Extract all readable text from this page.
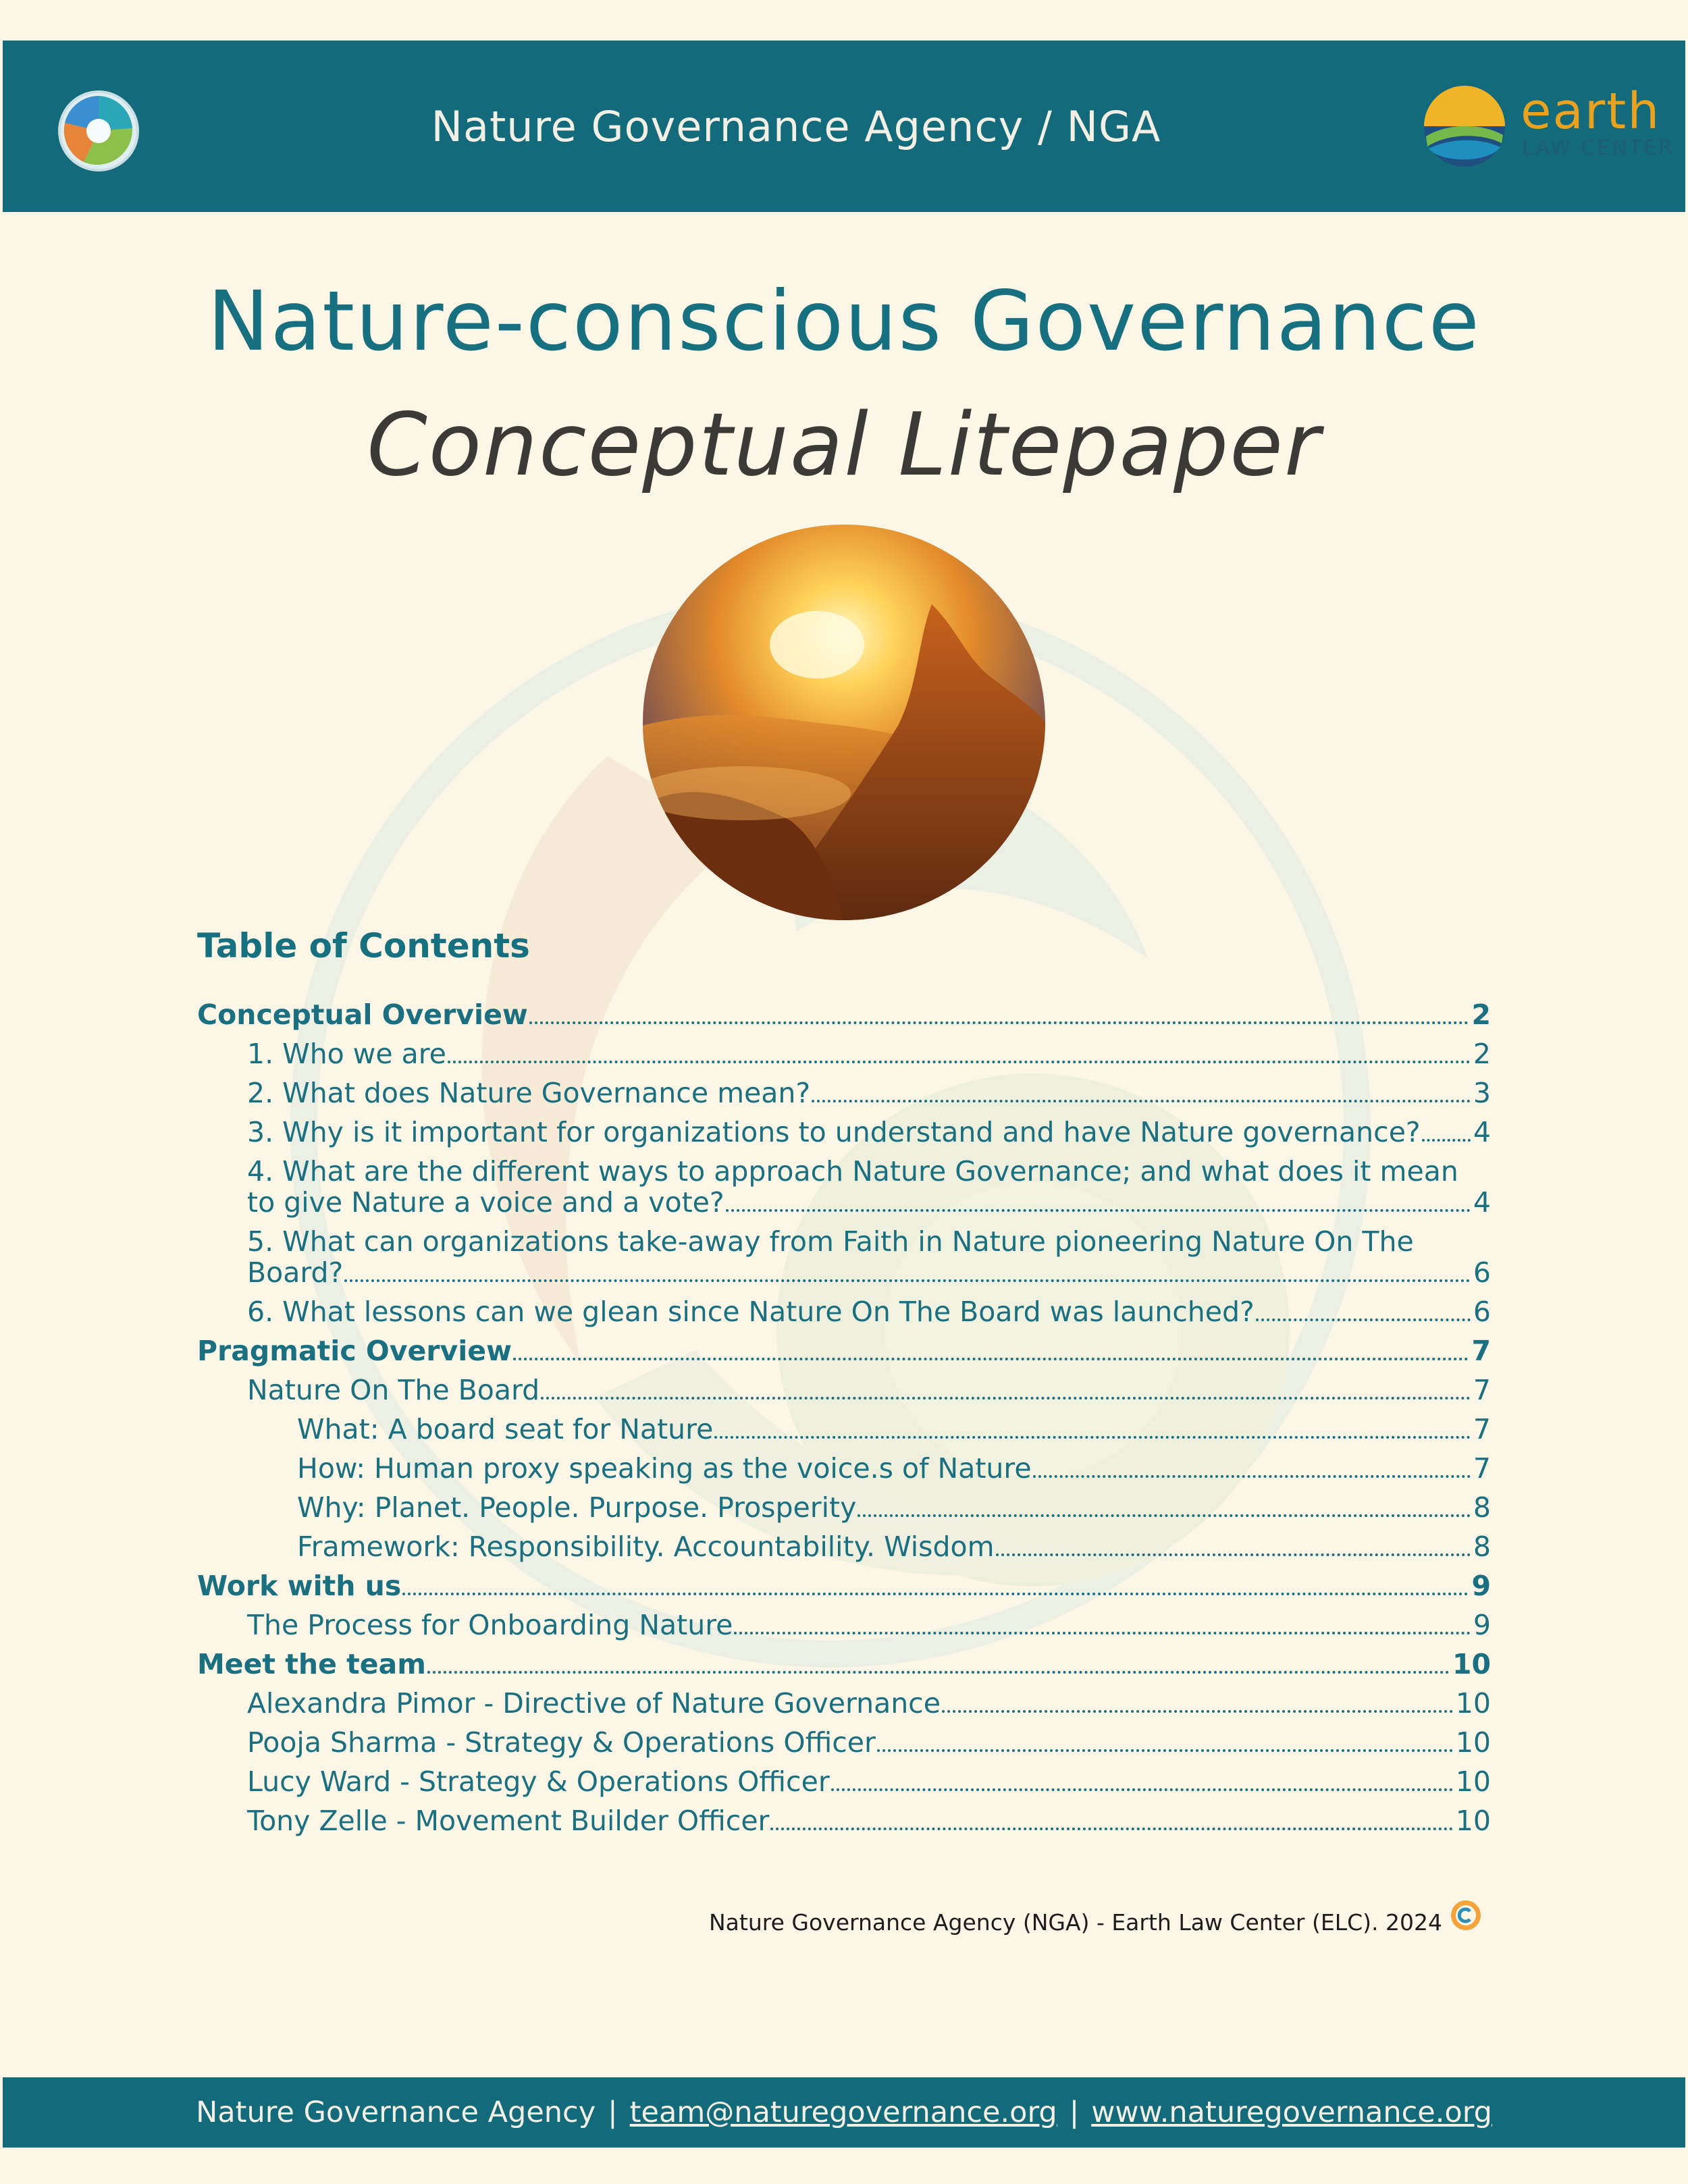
Nature Governance Agency / NGA	earth
LAW CENTER
Nature-conscious Governance
Conceptual Litepaper
Table of Contents
Conceptual Overview	2
1. Who we are	2
2. What does Nature Governance mean?	3
3. Why is it important for organizations to understand and have Nature governance? 4
4. What are the different ways to approach Nature Governance; and what does it mean
to give Nature a voice and a vote?	4
5. What can organizations take-away from Faith in Nature pioneering Nature On The
Board?	6
6. What lessons can we glean since Nature On The Board was launched?	6
Pragmatic Overview	7
Nature On The Board	7
What: A board seat for Nature	7
How: Human proxy speaking as the voice.s of Nature	7
Why: Planet. People. Purpose. Prosperity	8
Framework: Responsibility. Accountability. Wisdom	8
Work with us	9
The Process for Onboarding Nature	9
Meet the team	10
Alexandra Pimor - Directive of Nature Governance	10
Pooja Sharma - Strategy & Operations Officer	10
Lucy Ward - Strategy & Operations Officer	10
Tony Zelle - Movement Builder Officer	10
Nature Governance Agency (NGA) - Earth Law Center (ELC). 2024
Nature Governance Agency | team@naturegovernance.org | www.naturegovernance.org
